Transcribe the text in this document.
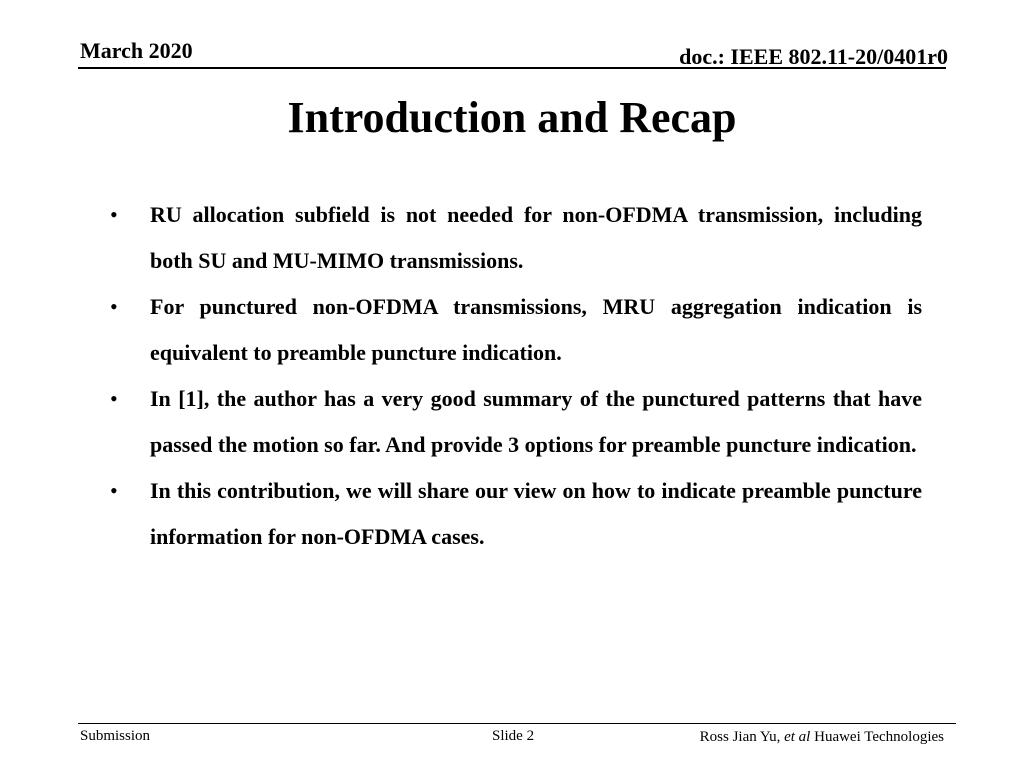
March 2020	doc.: IEEE 802.11-20/0401r0
Introduction and Recap
• RU allocation subfield is not needed for non-OFDMA transmission, including both SU and MU-MIMO transmissions.
• For punctured non-OFDMA transmissions, MRU aggregation indication is equivalent to preamble puncture indication.
• In [1], the author has a very good summary of the punctured patterns that have passed the motion so far. And provide 3 options for preamble puncture indication.
• In this contribution, we will share our view on how to indicate preamble puncture information for non-OFDMA cases.
Submission	Slide 2	Ross Jian Yu, et al Huawei Technologies
